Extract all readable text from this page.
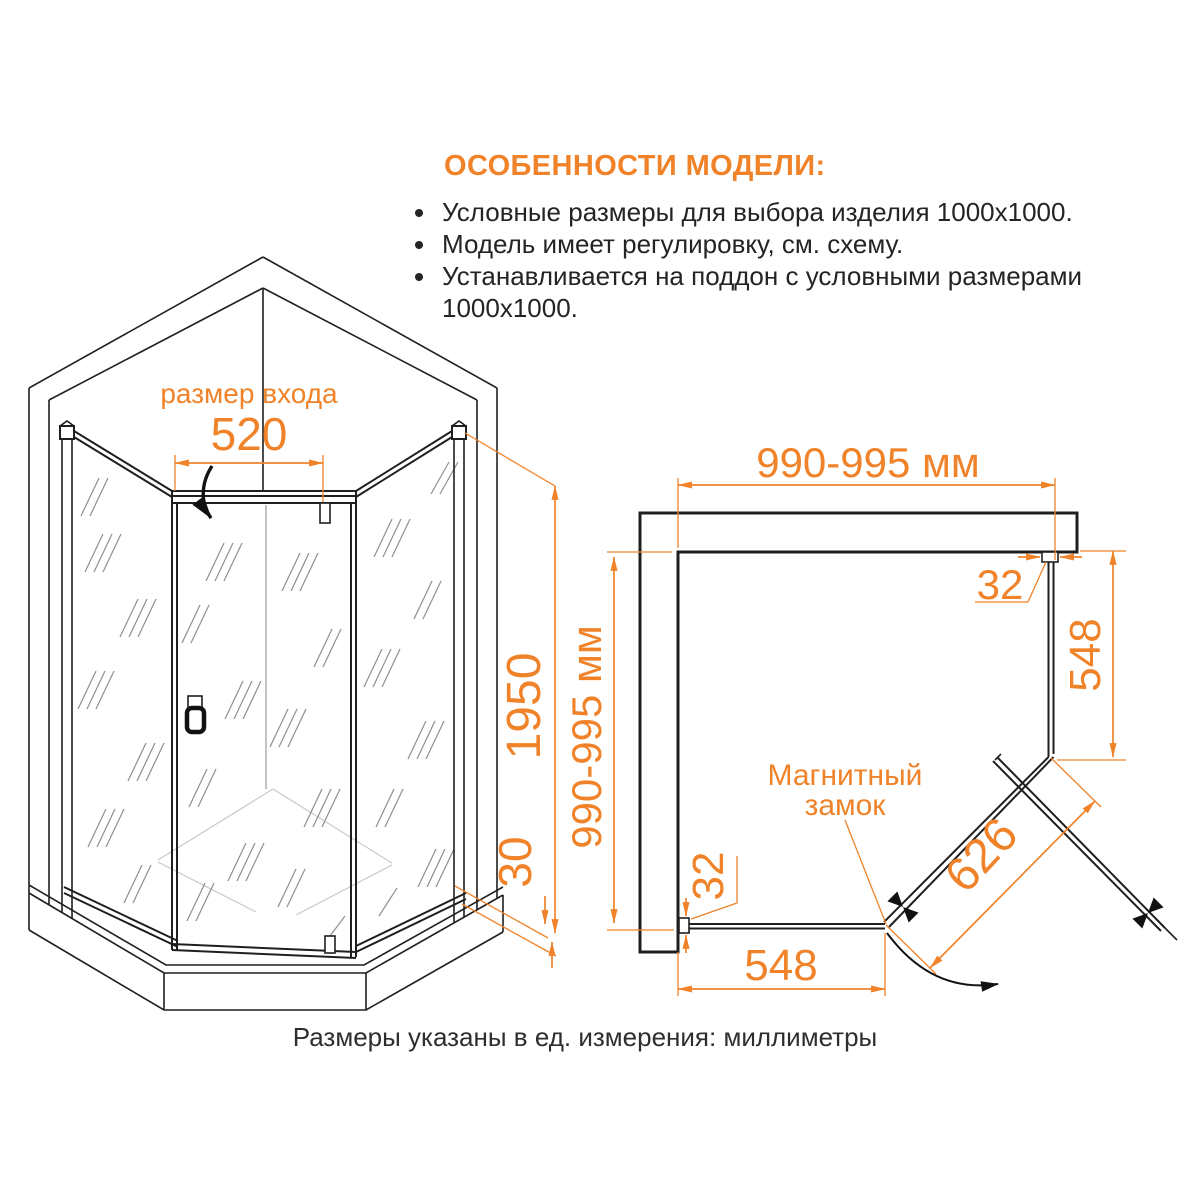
размер входа
520
1950
30
990-995 мм
990-995 мм
32
548
626
Магнитный
замок
32
548
ОСОБЕННОСТИ МОДЕЛИ:
• Условные размеры для выбора изделия 1000x1000.
• Модель имеет регулировку, см. схему.
• Устанавливается на поддон с условными размерами 1000x1000.
Размеры указаны в ед. измерения: миллиметры
